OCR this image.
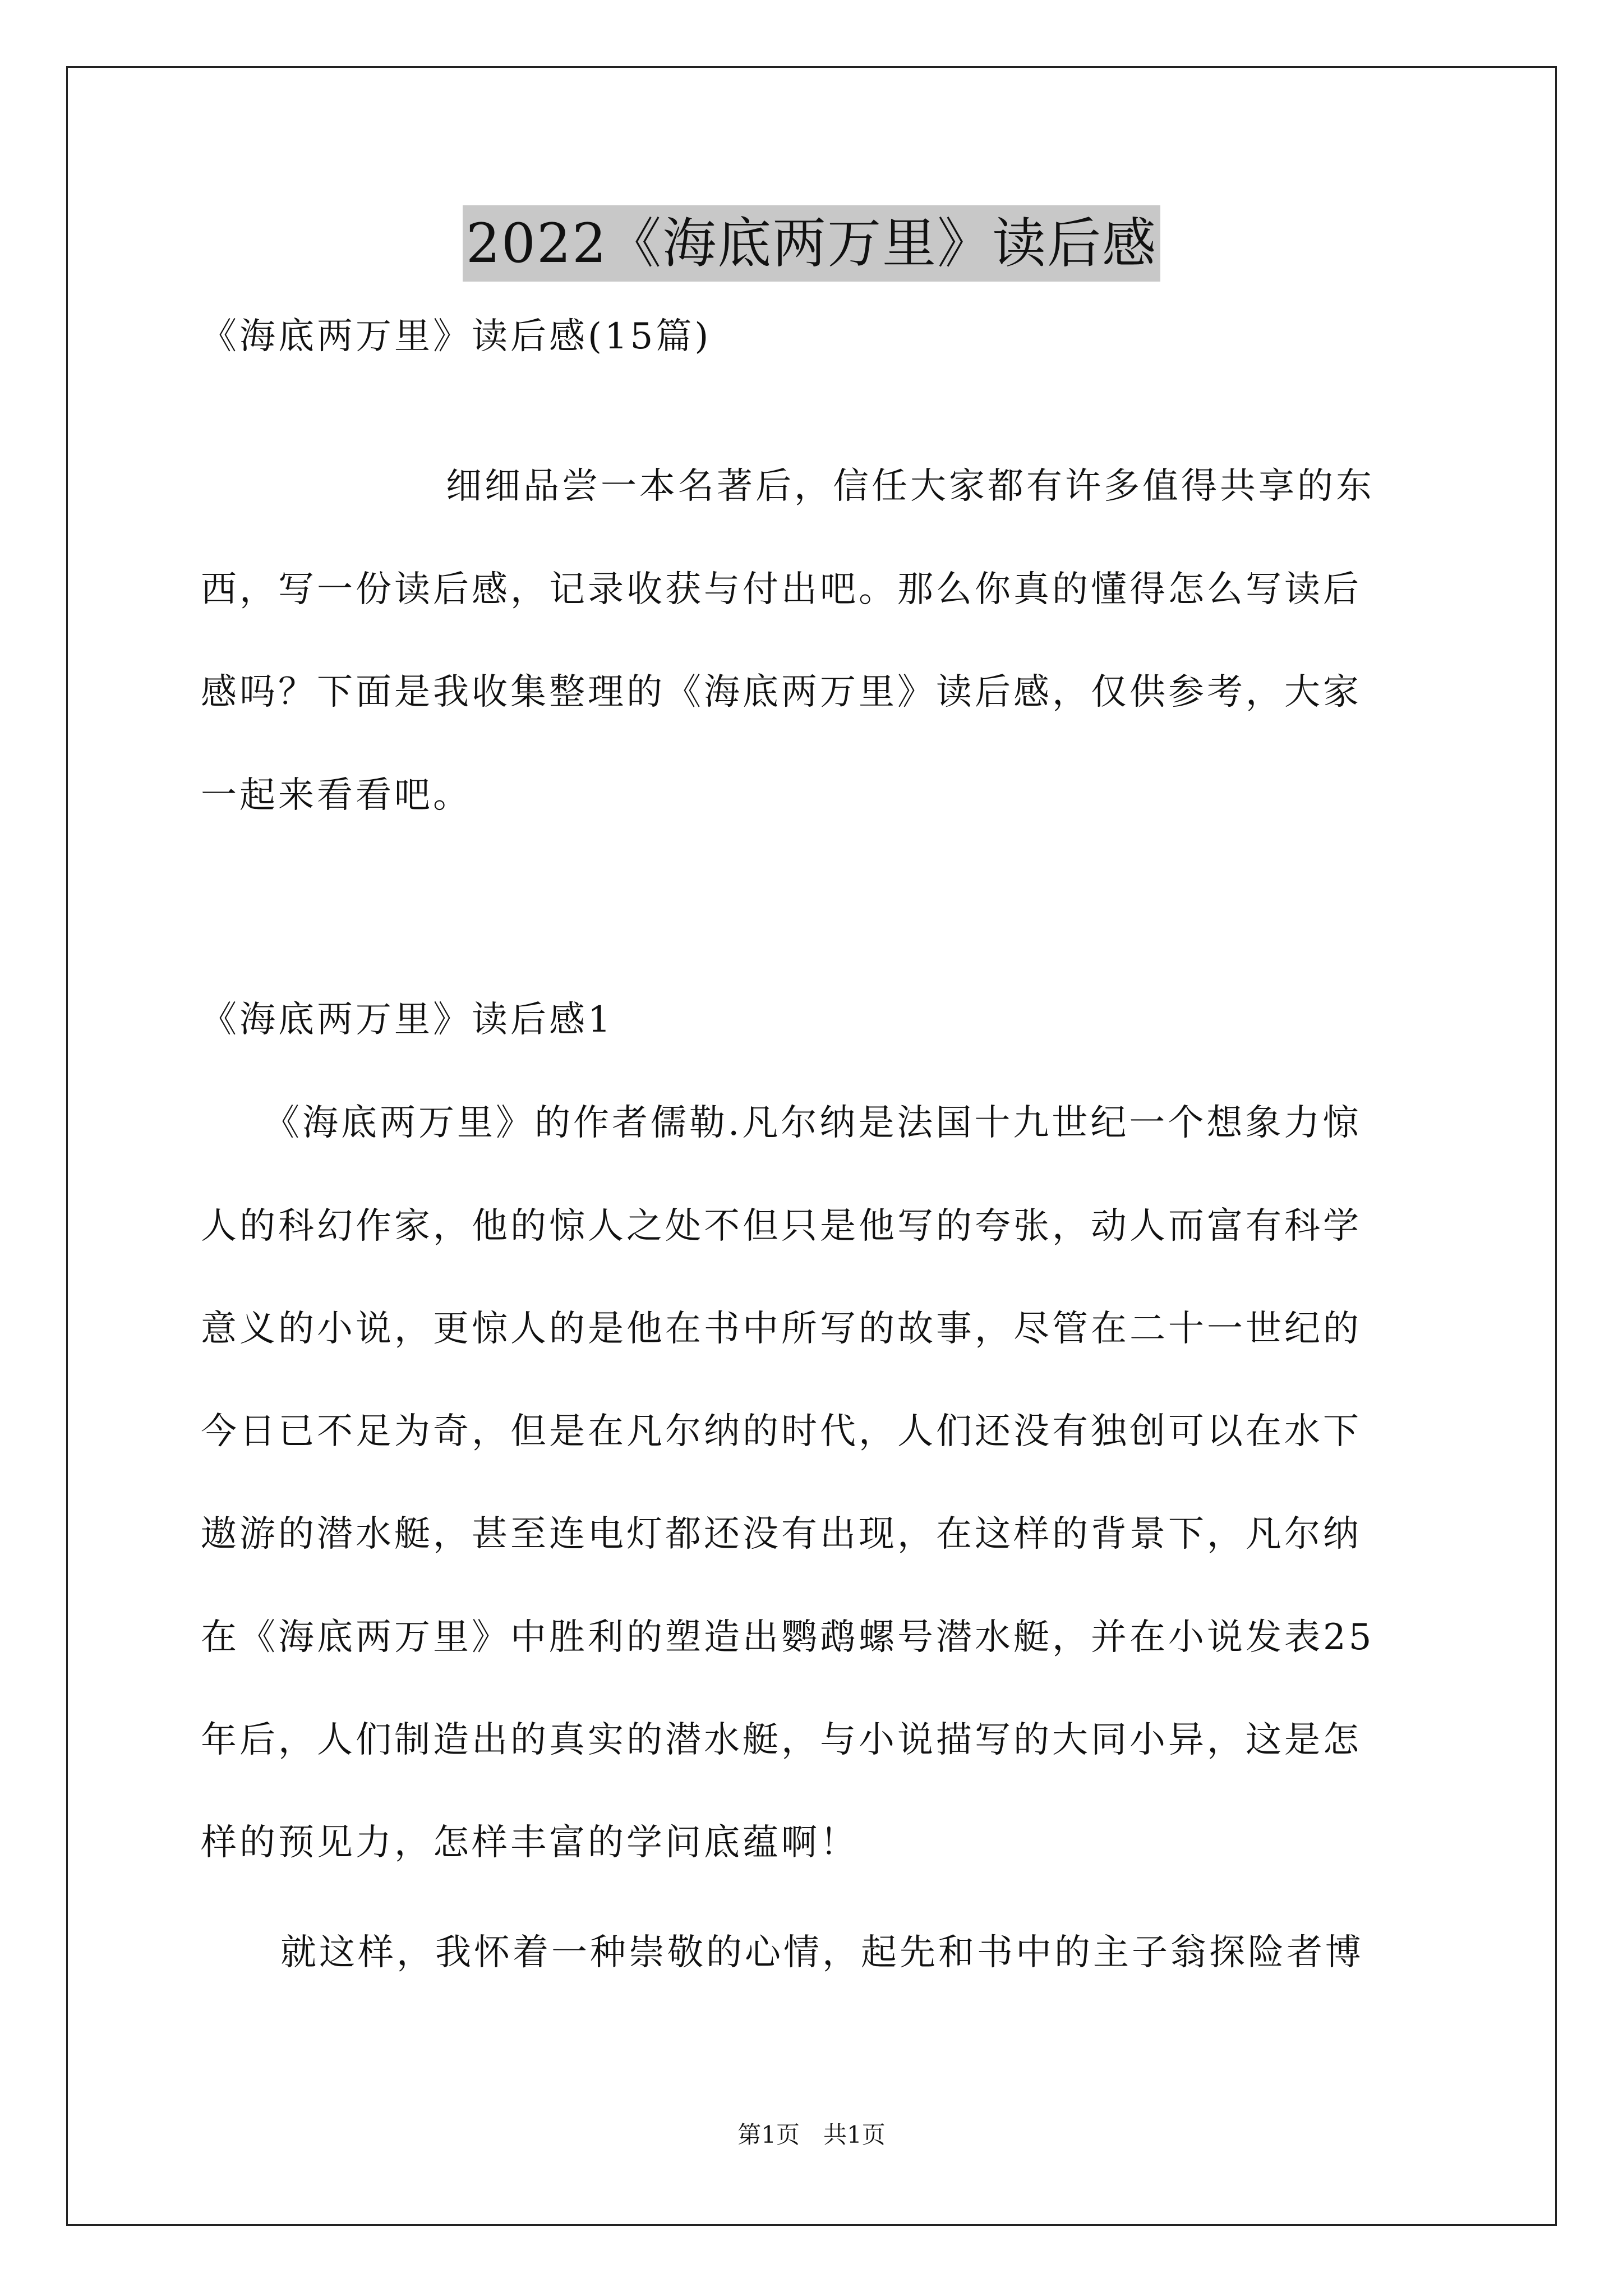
2022《海底两万里》读后感
《海底两万里》读后感(15篇)
细细品尝一本名著后，信任大家都有许多值得共享的东
西，写一份读后感，记录收获与付出吧。那么你真的懂得怎么写读后
感吗？下面是我收集整理的《海底两万里》读后感，仅供参考，大家
一起来看看吧。
《海底两万里》读后感1
《海底两万里》的作者儒勒.凡尔纳是法国十九世纪一个想象力惊
人的科幻作家，他的惊人之处不但只是他写的夸张，动人而富有科学
意义的小说，更惊人的是他在书中所写的故事，尽管在二十一世纪的
今日已不足为奇，但是在凡尔纳的时代，人们还没有独创可以在水下
遨游的潜水艇，甚至连电灯都还没有出现，在这样的背景下，凡尔纳
在《海底两万里》中胜利的塑造出鹦鹉螺号潜水艇，并在小说发表25
年后，人们制造出的真实的潜水艇，与小说描写的大同小异，这是怎
样的预见力，怎样丰富的学问底蕴啊！
就这样，我怀着一种崇敬的心情，起先和书中的主子翁探险者博
第1页　共1页
